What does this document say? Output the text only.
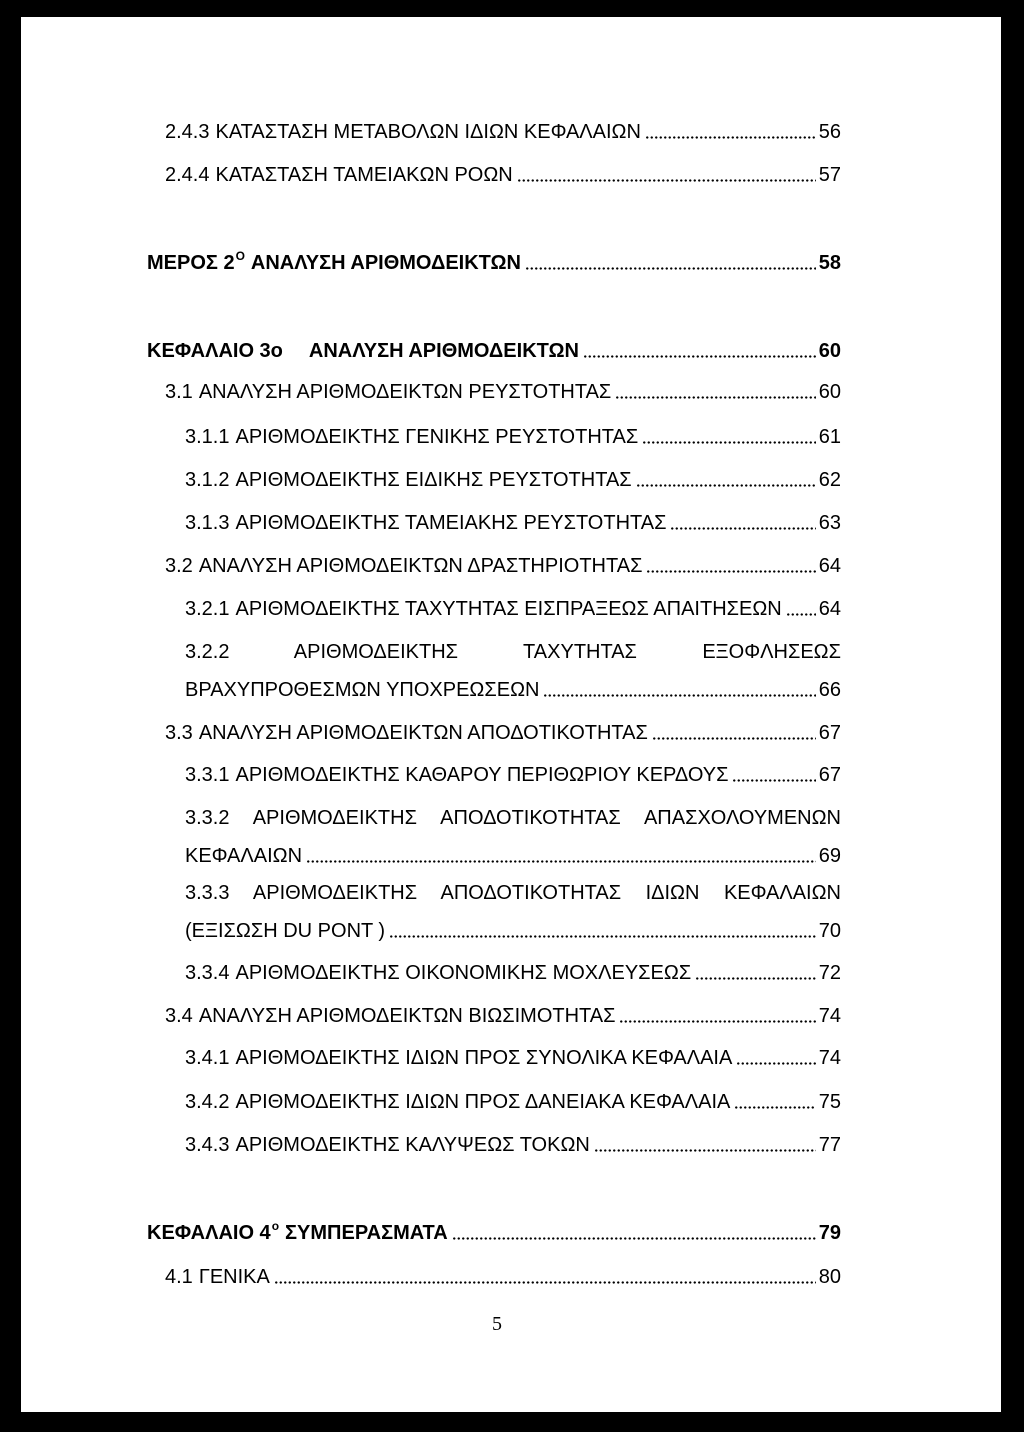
2.4.3 ΚΑΤΑΣΤΑΣΗ ΜΕΤΑΒΟΛΩΝ ΙΔΙΩΝ ΚΕΦΑΛΑΙΩΝ	56
2.4.4 ΚΑΤΑΣΤΑΣΗ ΤΑΜΕΙΑΚΩΝ ΡΟΩΝ	57
ΜΕΡΟΣ 2 Ο ΑΝΑΛΥΣΗ ΑΡΙΘΜΟΔΕΙΚΤΩΝ	58
ΚΕΦΑΛΑΙΟ 3ο ΑΝΑΛΥΣΗ ΑΡΙΘΜΟΔΕΙΚΤΩΝ	60
3.1 ΑΝΑΛΥΣΗ ΑΡΙΘΜΟΔΕΙΚΤΩΝ ΡΕΥΣΤΟΤΗΤΑΣ	60
3.1.1 ΑΡΙΘΜΟΔΕΙΚΤΗΣ ΓΕΝΙΚΗΣ ΡΕΥΣΤΟΤΗΤΑΣ	61
3.1.2 ΑΡΙΘΜΟΔΕΙΚΤΗΣ ΕΙΔΙΚΗΣ ΡΕΥΣΤΟΤΗΤΑΣ	62
3.1.3 ΑΡΙΘΜΟΔΕΙΚΤΗΣ ΤΑΜΕΙΑΚΗΣ ΡΕΥΣΤΟΤΗΤΑΣ	63
3.2 ΑΝΑΛΥΣΗ ΑΡΙΘΜΟΔΕΙΚΤΩΝ ΔΡΑΣΤΗΡΙΟΤΗΤΑΣ	64
3.2.1 ΑΡΙΘΜΟΔΕΙΚΤΗΣ ΤΑΧΥΤΗΤΑΣ ΕΙΣΠΡΑΞΕΩΣ ΑΠΑΙΤΗΣΕΩΝ 64
3.2.2	ΑΡΙΘΜΟΔΕΙΚΤΗΣ ΤΑΧΥΤΗΤΑΣ ΕΞΟΦΛΗΣΕΩΣ
ΒΡΑΧΥΠΡΟΘΕΣΜΩΝ ΥΠΟΧΡΕΩΣΕΩΝ	66
3.3 ΑΝΑΛΥΣΗ ΑΡΙΘΜΟΔΕΙΚΤΩΝ ΑΠΟΔΟΤΙΚΟΤΗΤΑΣ	67
3.3.1 ΑΡΙΘΜΟΔΕΙΚΤΗΣ ΚΑΘΑΡΟΥ ΠΕΡΙΘΩΡΙΟΥ ΚΕΡΔΟΥΣ	67
3.3.2 ΑΡΙΘΜΟΔΕΙΚΤΗΣ ΑΠΟΔΟΤΙΚΟΤΗΤΑΣ ΑΠΑΣΧΟΛΟΥΜΕΝΩΝ
ΚΕΦΑΛΑΙΩΝ	69
3.3.3 ΑΡΙΘΜΟΔΕΙΚΤΗΣ ΑΠΟΔΟΤΙΚΟΤΗΤΑΣ ΙΔΙΩΝ ΚΕΦΑΛΑΙΩΝ
(ΕΞΙΣΩΣΗ DU PONT )	70
3.3.4 ΑΡΙΘΜΟΔΕΙΚΤΗΣ ΟΙΚΟΝΟΜΙΚΗΣ ΜΟΧΛΕΥΣΕΩΣ	72
3.4 ΑΝΑΛΥΣΗ ΑΡΙΘΜΟΔΕΙΚΤΩΝ ΒΙΩΣΙΜΟΤΗΤΑΣ	74
3.4.1 ΑΡΙΘΜΟΔΕΙΚΤΗΣ ΙΔΙΩΝ ΠΡΟΣ ΣΥΝΟΛΙΚΑ ΚΕΦΑΛΑΙΑ	74
3.4.2 ΑΡΙΘΜΟΔΕΙΚΤΗΣ ΙΔΙΩΝ ΠΡΟΣ ΔΑΝΕΙΑΚΑ ΚΕΦΑΛΑΙΑ	75
3.4.3 ΑΡΙΘΜΟΔΕΙΚΤΗΣ ΚΑΛΥΨΕΩΣ ΤΟΚΩΝ	77
ΚΕΦΑΛΑΙΟ 4 ο ΣΥΜΠΕΡΑΣΜΑΤΑ	79
4.1 ΓΕΝΙΚΑ	80
5
